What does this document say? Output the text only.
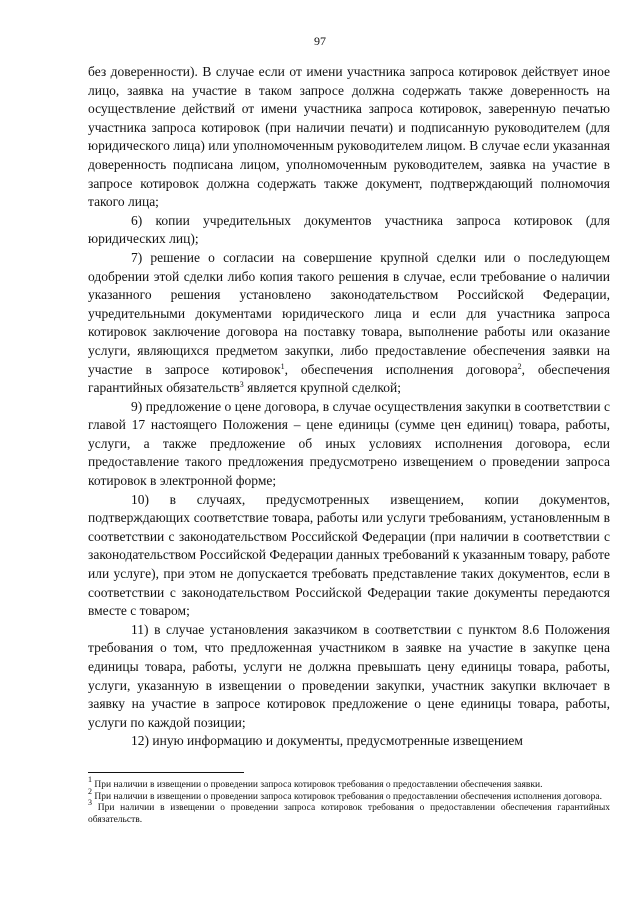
97

без доверенности). В случае если от имени участника запроса котировок действует иное лицо, заявка на участие в таком запросе должна содержать также доверенность на осуществление действий от имени участника запроса котировок, заверенную печатью участника запроса котировок (при наличии печати) и подписанную руководителем (для юридического лица) или уполномоченным руководителем лицом. В случае если указанная доверенность подписана лицом, уполномоченным руководителем, заявка на участие в запросе котировок должна содержать также документ, подтверждающий полномочия такого лица;

6) копии учредительных документов участника запроса котировок (для юридических лиц);

7) решение о согласии на совершение крупной сделки или о последующем одобрении этой сделки либо копия такого решения в случае, если требование о наличии указанного решения установлено законодательством Российской Федерации, учредительными документами юридического лица и если для участника запроса котировок заключение договора на поставку товара, выполнение работы или оказание услуги, являющихся предметом закупки, либо предоставление обеспечения заявки на участие в запросе котировок$^1$, обеспечения исполнения договора$^2$, обеспечения гарантийных обязательств$^3$ является крупной сделкой;

9) предложение о цене договора, в случае осуществления закупки в соответствии с главой 17 настоящего Положения – цене единицы (сумме цен единиц) товара, работы, услуги, а также предложение об иных условиях исполнения договора, если предоставление такого предложения предусмотрено извещением о проведении запроса котировок в электронной форме;

10) в случаях, предусмотренных извещением, копии документов, подтверждающих соответствие товара, работы или услуги требованиям, установленным в соответствии с законодательством Российской Федерации (при наличии в соответствии с законодательством Российской Федерации данных требований к указанным товару, работе или услуге), при этом не допускается требовать представление таких документов, если в соответствии с законодательством Российской Федерации такие документы передаются вместе с товаром;

11) в случае установления заказчиком в соответствии с пунктом 8.6 Положения требования о том, что предложенная участником в заявке на участие в закупке цена единицы товара, работы, услуги не должна превышать цену единицы товара, работы, услуги, указанную в извещении о проведении закупки, участник закупки включает в заявку на участие в запросе котировок предложение о цене единицы товара, работы, услуги по каждой позиции;

12) иную информацию и документы, предусмотренные извещением

$^1$ При наличии в извещении о проведении запроса котировок требования о предоставлении обеспечения заявки.

$^2$ При наличии в извещении о проведении запроса котировок требования о предоставлении обеспечения исполнения договора.

$^3$ При наличии в извещении о проведении запроса котировок требования о предоставлении обеспечения гарантийных обязательств.
